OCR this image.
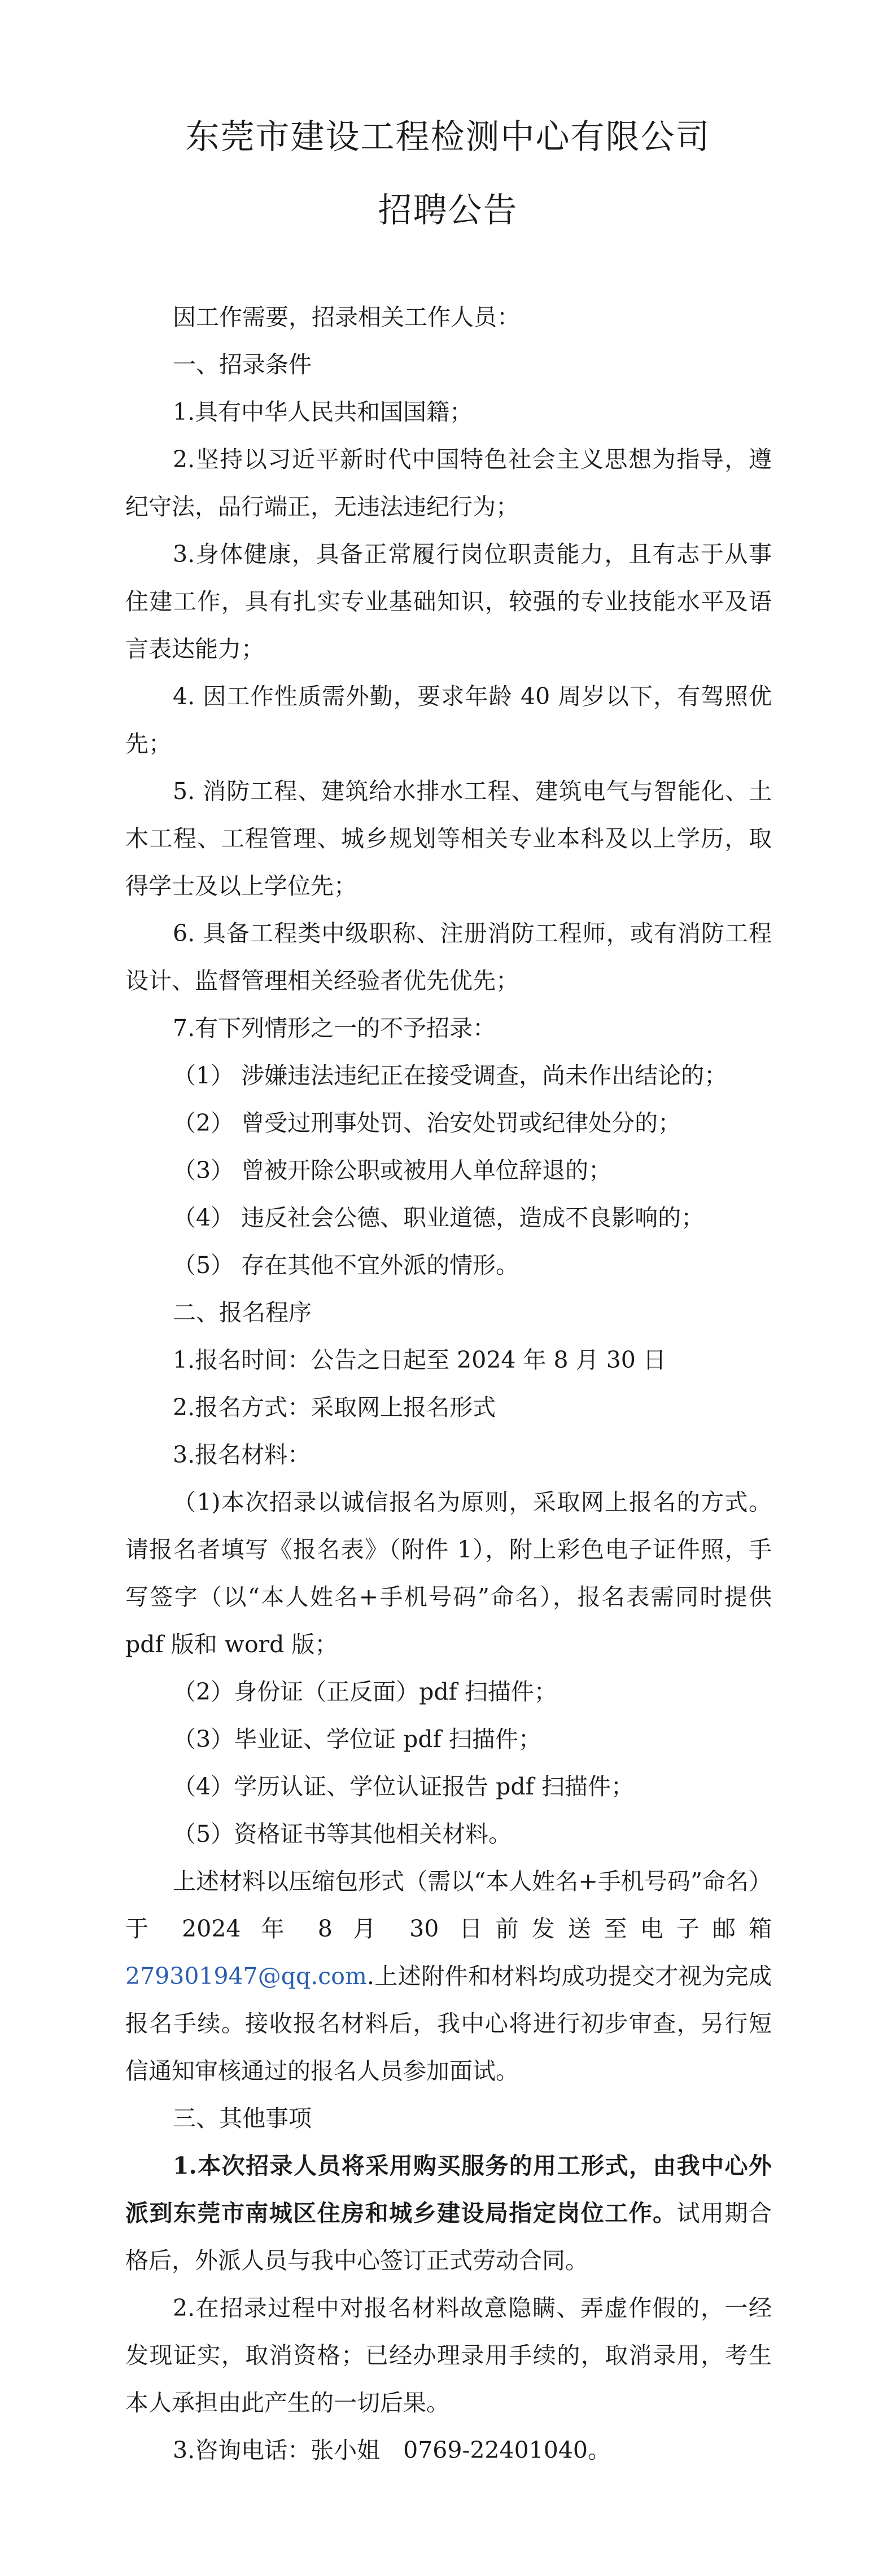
东莞市建设工程检测中心有限公司
招聘公告

因工作需要，招录相关工作人员：

一、招录条件

1.具有中华人民共和国国籍；

2.坚持以习近平新时代中国特色社会主义思想为指导，遵纪守法，品行端正，无违法违纪行为；

3.身体健康，具备正常履行岗位职责能力，且有志于从事住建工作，具有扎实专业基础知识，较强的专业技能水平及语言表达能力；

4. 因工作性质需外勤，要求年龄 40 周岁以下，有驾照优先；

5. 消防工程、建筑给水排水工程、建筑电气与智能化、土木工程、工程管理、城乡规划等相关专业本科及以上学历，取得学士及以上学位先；

6. 具备工程类中级职称、注册消防工程师，或有消防工程设计、监督管理相关经验者优先优先；

7.有下列情形之一的不予招录：

（1） 涉嫌违法违纪正在接受调查，尚未作出结论的；

（2） 曾受过刑事处罚、治安处罚或纪律处分的；

（3） 曾被开除公职或被用人单位辞退的；

（4） 违反社会公德、职业道德，造成不良影响的；

（5） 存在其他不宜外派的情形。

二、报名程序

1.报名时间：公告之日起至 2024 年 8 月 30 日

2.报名方式：采取网上报名形式

3.报名材料：

（1)本次招录以诚信报名为原则，采取网上报名的方式。请报名者填写《报名表》（附件 1），附上彩色电子证件照，手写签字（以“本人姓名+手机号码”命名），报名表需同时提供 pdf 版和 word 版；

（2）身份证（正反面）pdf 扫描件；

（3）毕业证、学位证 pdf 扫描件；

（4）学历认证、学位认证报告 pdf 扫描件；

（5）资格证书等其他相关材料。

上述材料以压缩包形式（需以“本人姓名+手机号码”命名）于 2024 年 8 月 30 日前发送至电子邮箱 279301947@qq.com.上述附件和材料均成功提交才视为完成报名手续。接收报名材料后，我中心将进行初步审查，另行短信通知审核通过的报名人员参加面试。

三、其他事项

1.本次招录人员将采用购买服务的用工形式，由我中心外派到东莞市南城区住房和城乡建设局指定岗位工作。试用期合格后，外派人员与我中心签订正式劳动合同。

2.在招录过程中对报名材料故意隐瞒、弄虚作假的，一经发现证实，取消资格；已经办理录用手续的，取消录用，考生本人承担由此产生的一切后果。

3.咨询电话：张小姐　0769-22401040。
